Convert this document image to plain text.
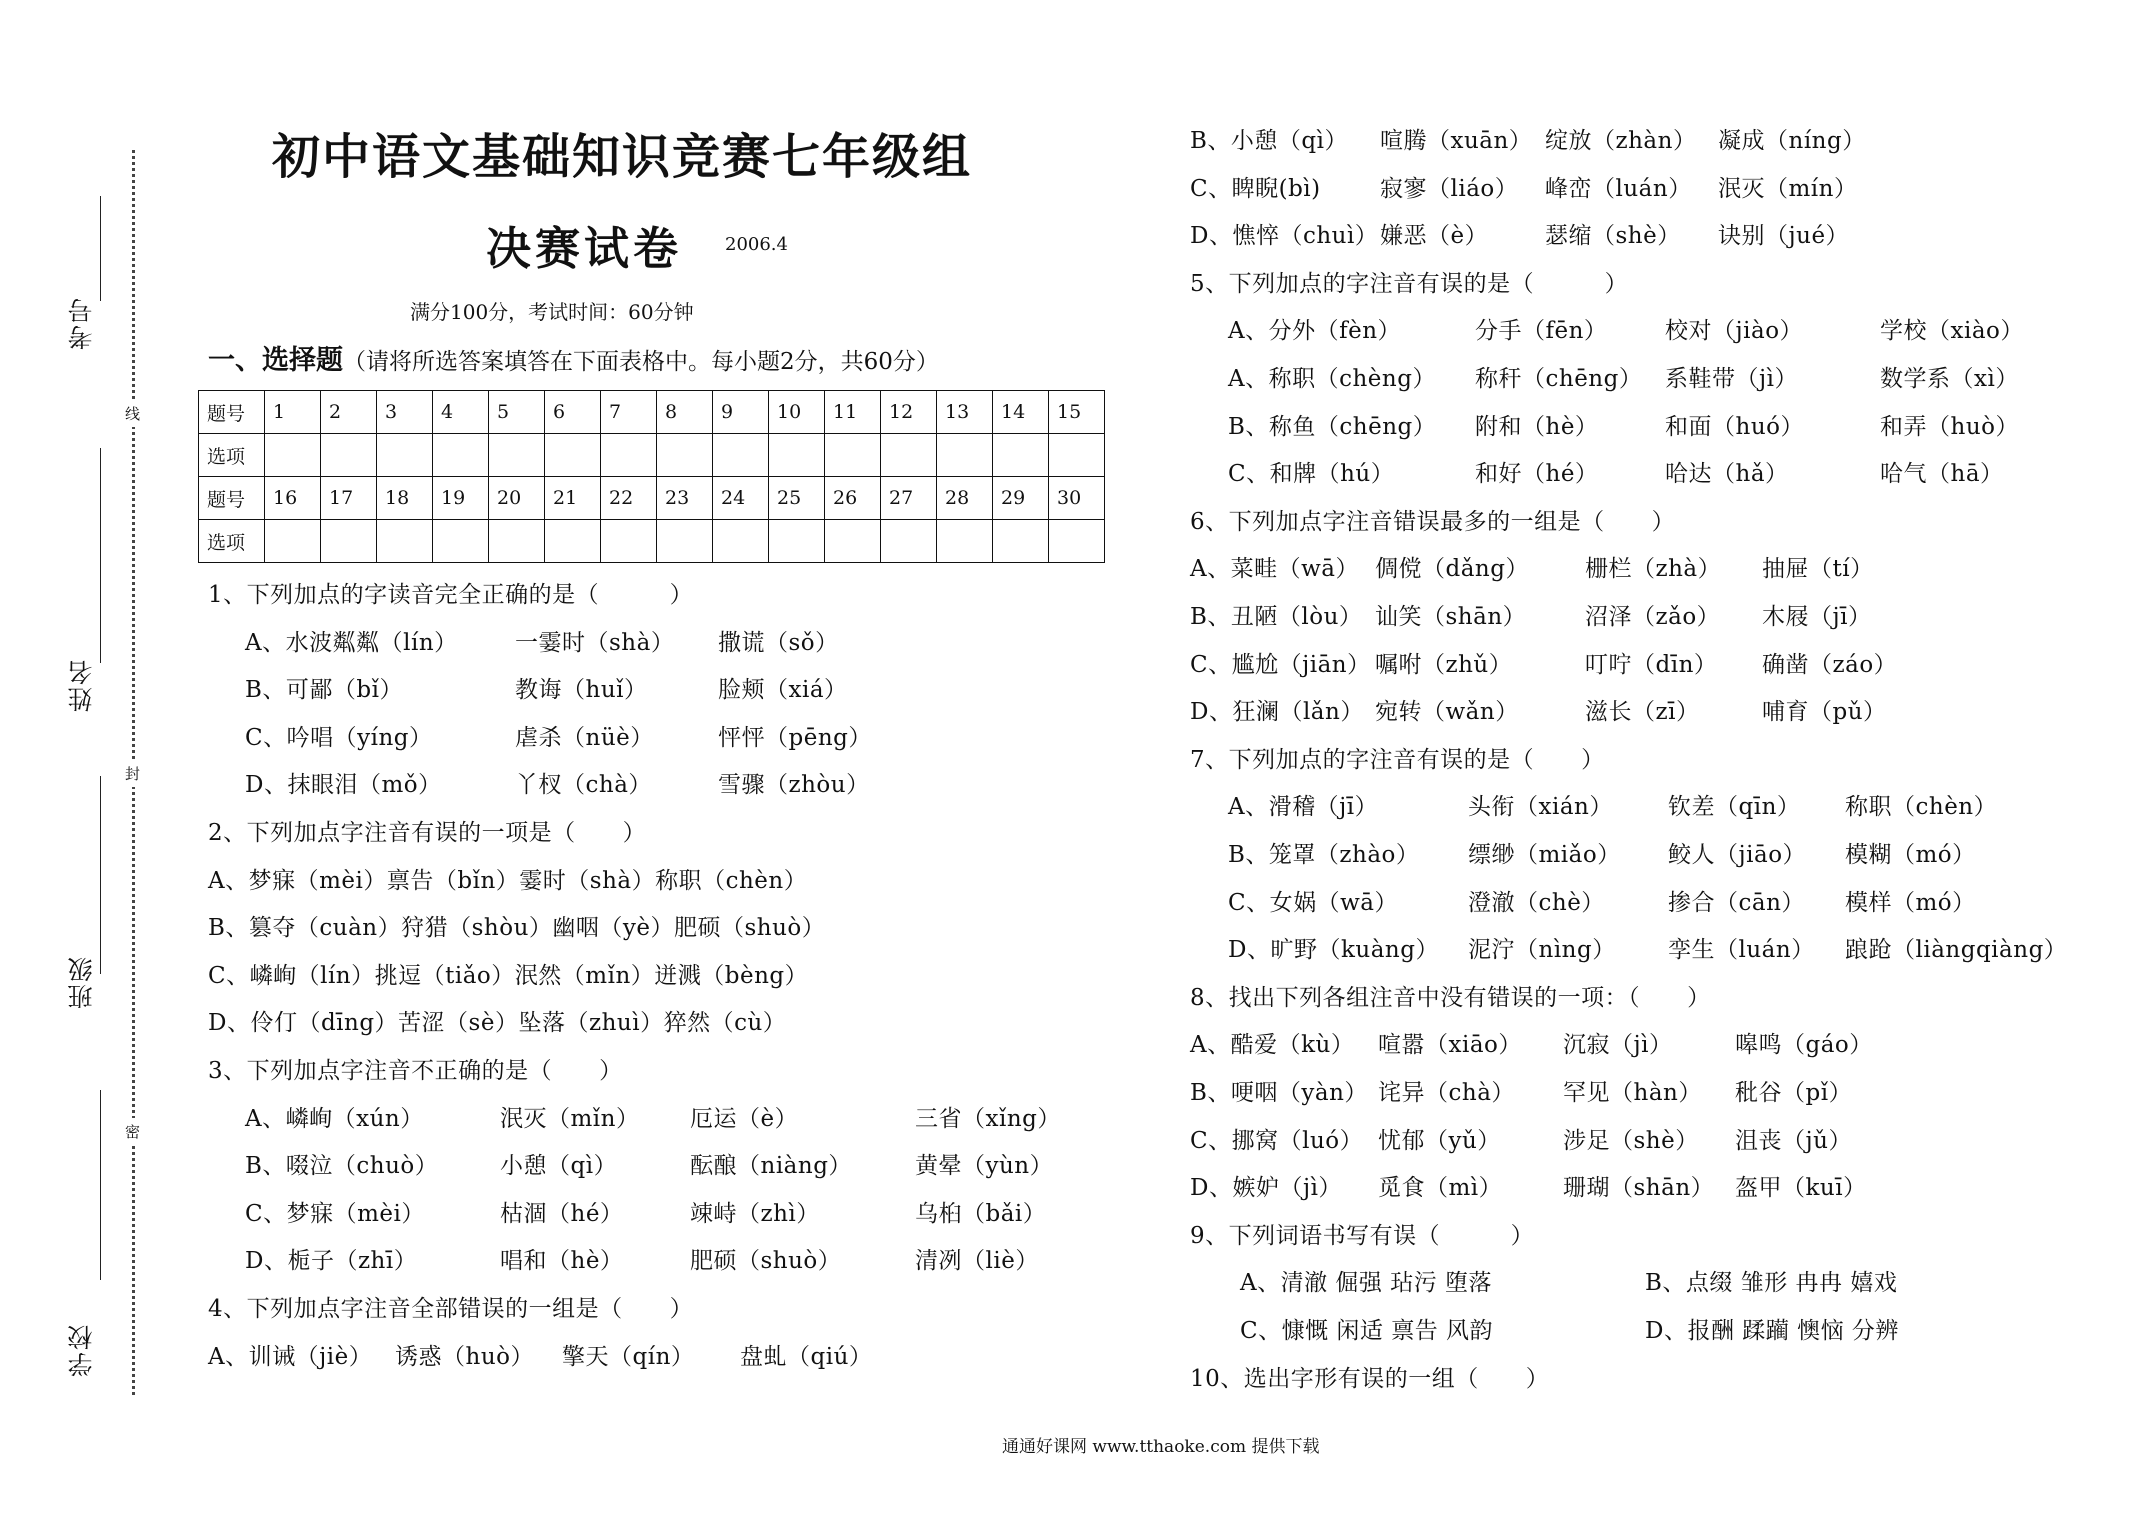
考号
姓名
班级
学校
线
封
密
初中语文基础知识竞赛七年级组
决赛试卷 2006.4
满分100分，考试时间：60分钟
一、选择题（请将所选答案填答在下面表格中。每小题2分，共60分）
题号	1	2	3	4	5	6	7	8	9	10	11	12	13	14	15
选项															
题号	16	17	18	19	20	21	22	23	24	25	26	27	28	29	30
选项															
1、下列加点的字读音完全正确的是（　　　）
A、水波粼粼（lín） 一霎时（shà） 撒谎（sǒ）
B、可鄙（bǐ）	教诲（huǐ）	脸颊（xiá）
C、吟唱（yíng）	虐杀（nüè）	怦怦（pēng）
D、抹眼泪（mǒ）	丫杈（chà）	雪骤（zhòu）
2、下列加点字注音有误的一项是（　　）
A、梦寐（mèi）禀告（bǐn）霎时（shà）称职（chèn）
B、篡夺（cuàn）狩猎（shòu）幽咽（yè）肥硕（shuò）
C、嶙峋（lín）挑逗（tiǎo）泯然（mǐn）迸溅（bèng）
D、伶仃（dīng）苦涩（sè）坠落（zhuì）猝然（cù）
3、下列加点字注音不正确的是（　　）
A、嶙峋（xún）	泯灭（mǐn） 厄运（è）	三省（xǐng）
B、啜泣（chuò）	小憩（qì）	酝酿（niàng）	黄晕（yùn）
C、梦寐（mèi）	枯涸（hé）	竦峙（zhì）	乌桕（bǎi）
D、栀子（zhī）	唱和（hè）	肥硕（shuò）	清冽（liè）
4、下列加点字注音全部错误的一组是（　　）
A、训诫（jiè） 诱惑（huò） 擎天（qín） 盘虬（qiú）
B、小憩（qì） 喧腾（xuān） 绽放（zhàn） 凝成（níng）
C、睥睨(bì)	寂寥（liáo） 峰峦（luán） 泯灭（mín）
D、憔悴（chuì） 嫌恶（è） 瑟缩（shè） 诀别（jué）
5、下列加点的字注音有误的是（　　　）
A、分外（fèn）	分手（fēn）	校对（jiào）	学校（xiào）
A、称职（chèng） 称秆（chēng） 系鞋带（jì）	数学系（xì）
B、称鱼（chēng） 附和（hè）	和面（huó）	和弄（huò）
C、和牌（hú）	和好（hé）	哈达（hǎ）	哈气（hā）
6、下列加点字注音错误最多的一组是（　　）
A、菜畦（wā） 倜傥（dǎng） 栅栏（zhà） 抽屉（tí）
B、丑陋（lòu） 讪笑（shān）	沼泽（zǎo） 木屐（jī）
C、尴尬（jiān） 嘱咐（zhǔ）	叮咛（dīn） 确凿（záo）
D、狂澜（lǎn） 宛转（wǎn）	滋长（zī）	哺育（pǔ）
7、下列加点的字注音有误的是（　　）
A、滑稽（jī）	头衔（xián） 钦差（qīn） 称职（chèn）
B、笼罩（zhào） 缥缈（miǎo） 鲛人（jiāo） 模糊（mó）
C、女娲（wā）	澄澈（chè）	掺合（cān） 模样（mó）
D、旷野（kuàng） 泥泞（nìng） 孪生（luán） 踉跄（liàngqiàng）
8、找出下列各组注音中没有错误的一项：（　　）
A、酷爱（kù） 喧嚣（xiāo） 沉寂（jì）	嗥鸣（gáo）
B、哽咽（yàn） 诧异（chà） 罕见（hàn） 秕谷（pǐ）
C、挪窝（luó） 忧郁（yǔ）	涉足（shè） 沮丧（jǔ）
D、嫉妒（jì） 觅食（mì）	珊瑚（shān） 盔甲（kuī）
9、下列词语书写有误（　　　）
A、清澈 倔强 玷污 堕落	B、点缀 雏形 冉冉 嬉戏
C、慷慨 闲适 禀告 风韵	D、报酬 蹂躏 懊恼 分辨
10、选出字形有误的一组（　　）
通通好课网 www.tthaoke.com 提供下载
